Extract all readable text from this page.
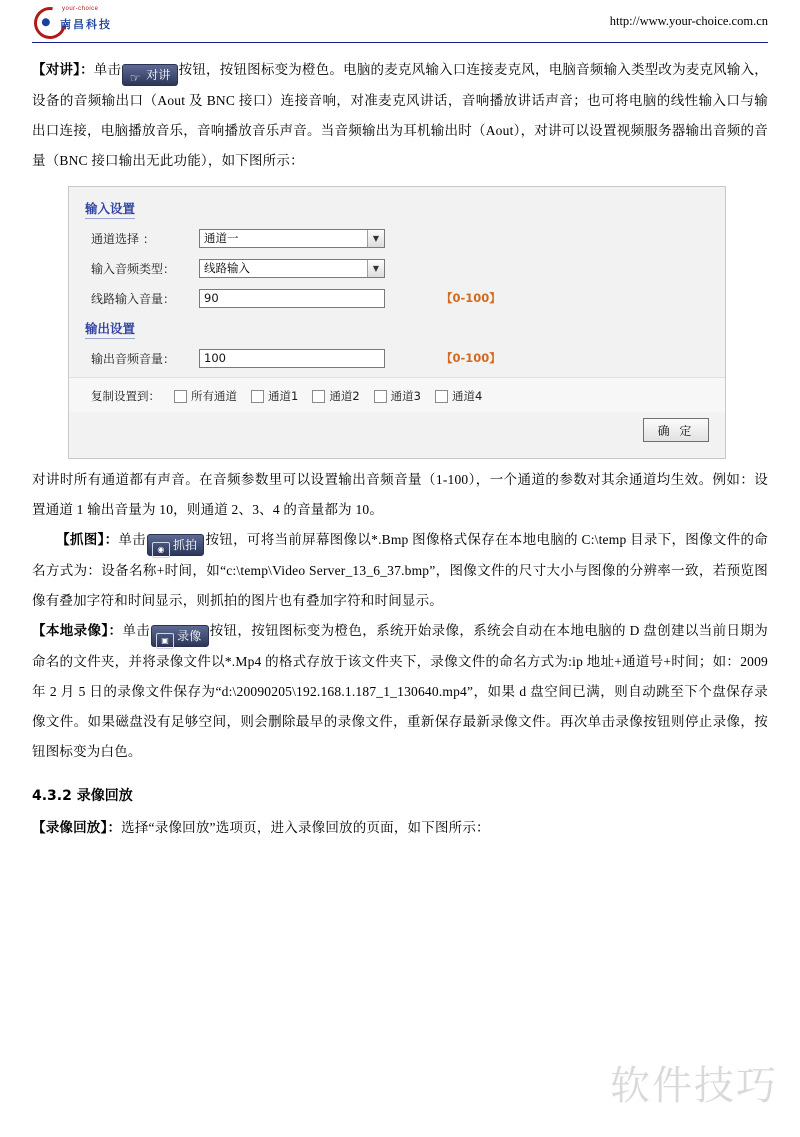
your-choice
南昌科技	http://www.your-choice.com.cn

【对讲】：单击☞ 对讲 按钮，按钮图标变为橙色。电脑的麦克风输入口连接麦克风，电脑音频输入类型改为麦克风输入，设备的音频输出口（Aout 及 BNC 接口）连接音响，对准麦克风讲话，音响播放讲话声音；也可将电脑的线性输入口与输出口连接，电脑播放音乐，音响播放音乐声音。当音频输出为耳机输出时（Aout），对讲可以设置视频服务器输出音频的音量（BNC 接口输出无此功能），如下图所示：

输入设置
通道选择 ：	通道一	▼
输入音频类型：	线路输入	▼
线路输入音量：	90	【0-100】
输出设置
输出音频音量：	100	【0-100】
复制设置到：	所有通道	通道1	通道2	通道3	通道4
确 定

对讲时所有通道都有声音。在音频参数里可以设置输出音频音量（1-100），一个通道的参数对其余通道均生效。例如：设置通道 1 输出音量为 10，则通道 2、3、4 的音量都为 10。

【抓图】：单击◉ 抓拍 按钮，可将当前屏幕图像以*.Bmp 图像格式保存在本地电脑的 C:\temp 目录下，图像文件的命名方式为：设备名称+时间，如“c:\temp\Video Server_13_6_37.bmp”，图像文件的尺寸大小与图像的分辨率一致，若预览图像有叠加字符和时间显示，则抓拍的图片也有叠加字符和时间显示。

【本地录像】：单击▣ 录像 按钮，按钮图标变为橙色，系统开始录像，系统会自动在本地电脑的 D 盘创建以当前日期为命名的文件夹，并将录像文件以*.Mp4 的格式存放于该文件夹下，录像文件的命名方式为:ip 地址+通道号+时间；如：2009 年 2 月 5 日的录像文件保存为“d:\20090205\192.168.1.187_1_130640.mp4”，如果 d 盘空间已满，则自动跳至下个盘保存录像文件。如果磁盘没有足够空间，则会删除最早的录像文件，重新保存最新录像文件。再次单击录像按钮则停止录像，按钮图标变为白色。

4.3.2 录像回放

【录像回放】：选择“录像回放”选项页，进入录像回放的页面，如下图所示：

软件技巧
